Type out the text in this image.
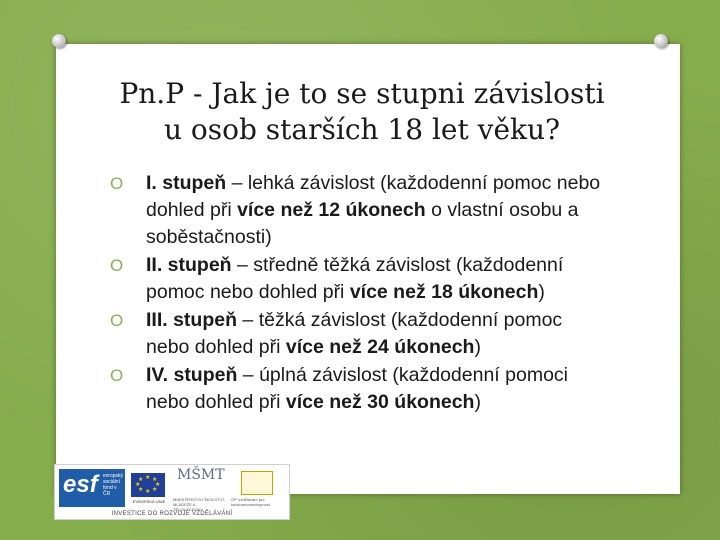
Pn.P - Jak je to se stupni závislosti
u osob starších 18 let věku?
O I. stupeň – lehká závislost (každodenní pomoc nebo dohled při více než 12 úkonech o vlastní osobu a soběstačnosti)
O II. stupeň – středně těžká závislost (každodenní pomoc nebo dohled při více než 18 úkonech)
O III. stupeň – těžká závislost (každodenní pomoc nebo dohled při více než 24 úkonech)
O IV. stupeň – úplná závislost (každodenní pomoci nebo dohled při více než 30 úkonech)
esf evropský sociální fond v ČR
★ ★
★
★
★
★
★
★
EVROPSKÁ UNIE
MŠMT
MINISTERSTVO ŠKOLSTVÍ, MLÁDEŽE A TĚLOVÝCHOVY
OP Vzdělávání pro konkurenceschopnost
INVESTICE DO ROZVOJE VZDĚLÁVÁNÍ
